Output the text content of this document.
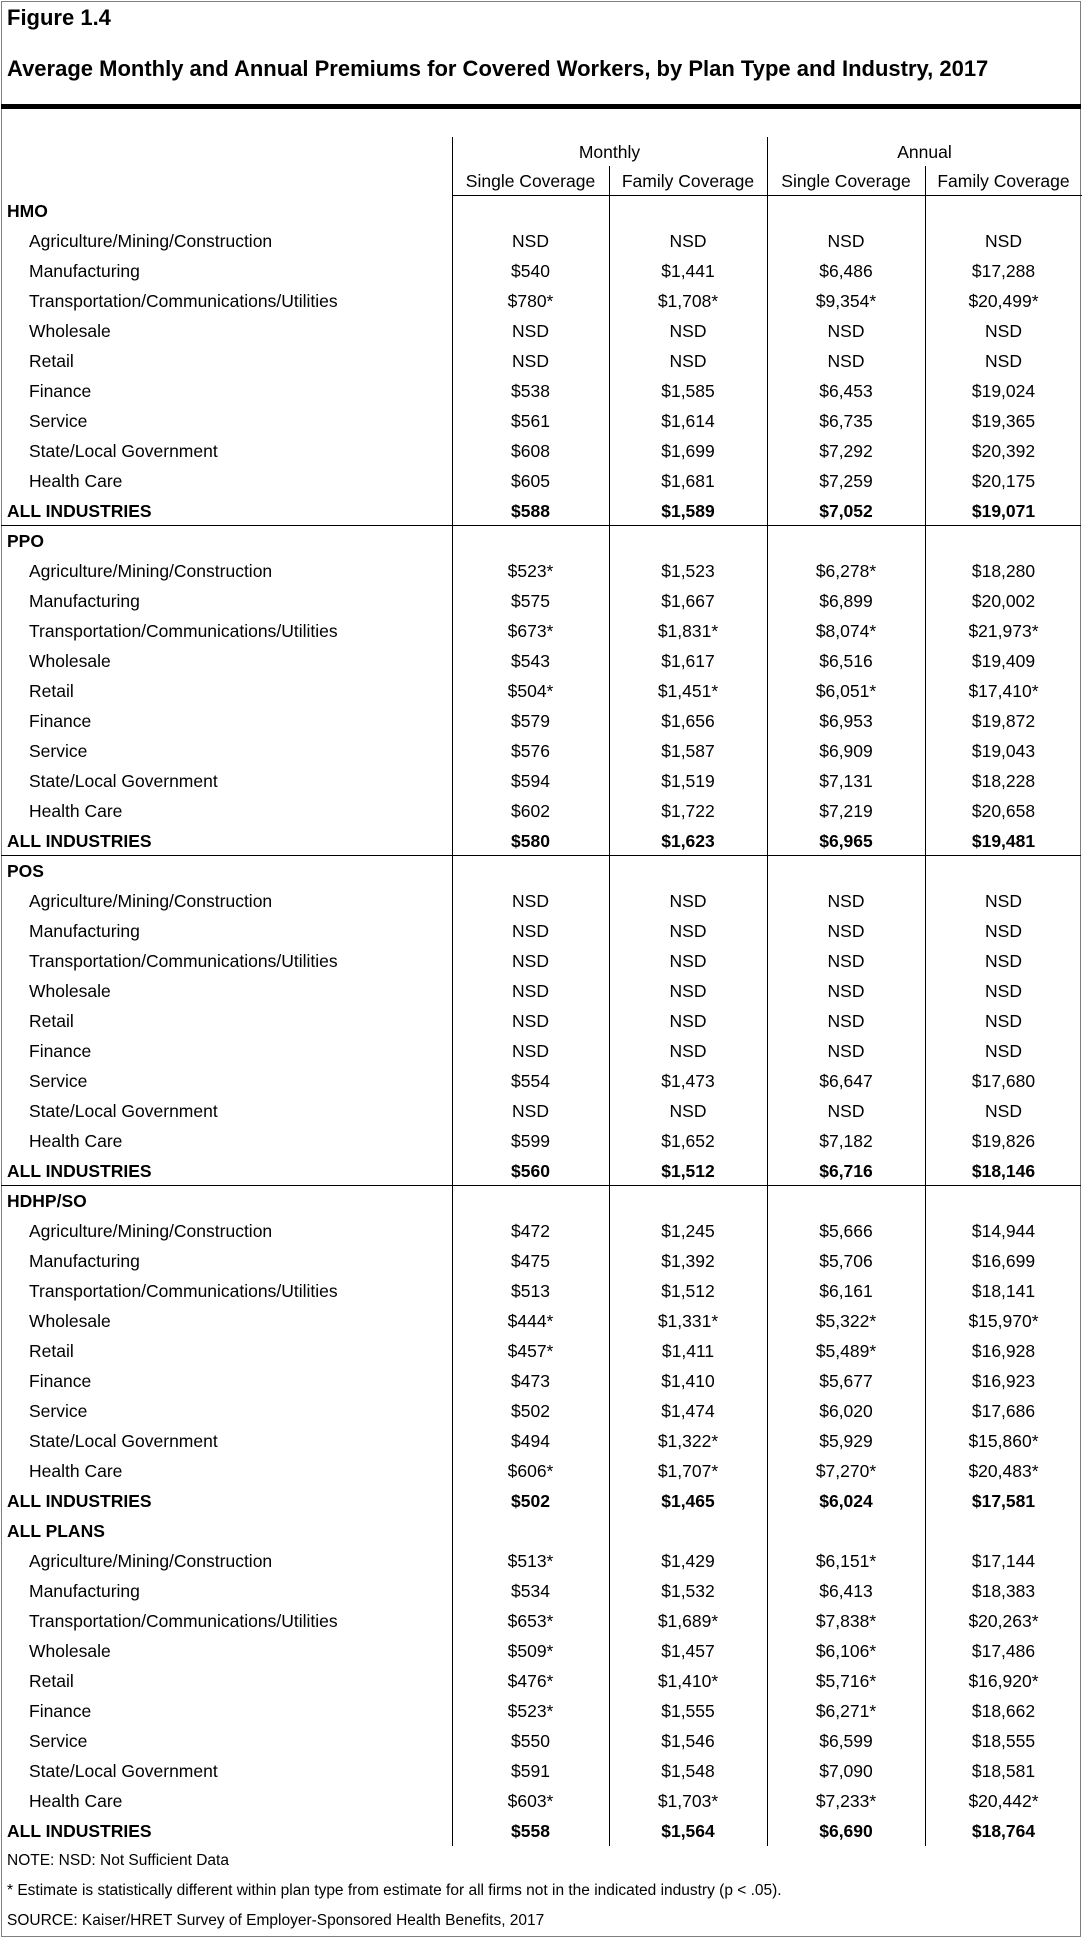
Figure 1.4
Average Monthly and Annual Premiums for Covered Workers, by Plan Type and Industry, 2017
Monthly	Annual
Single Coverage	Family Coverage	Single Coverage	Family Coverage
HMO
Agriculture/Mining/Construction	NSD	NSD	NSD	NSD
Manufacturing	$540	$1,441	$6,486	$17,288
Transportation/Communications/Utilities	$780*	$1,708*	$9,354*	$20,499*
Wholesale	NSD	NSD	NSD	NSD
Retail	NSD	NSD	NSD	NSD
Finance	$538	$1,585	$6,453	$19,024
Service	$561	$1,614	$6,735	$19,365
State/Local Government	$608	$1,699	$7,292	$20,392
Health Care	$605	$1,681	$7,259	$20,175
ALL INDUSTRIES	$588	$1,589	$7,052	$19,071
PPO
Agriculture/Mining/Construction	$523*	$1,523	$6,278*	$18,280
Manufacturing	$575	$1,667	$6,899	$20,002
Transportation/Communications/Utilities	$673*	$1,831*	$8,074*	$21,973*
Wholesale	$543	$1,617	$6,516	$19,409
Retail	$504*	$1,451*	$6,051*	$17,410*
Finance	$579	$1,656	$6,953	$19,872
Service	$576	$1,587	$6,909	$19,043
State/Local Government	$594	$1,519	$7,131	$18,228
Health Care	$602	$1,722	$7,219	$20,658
ALL INDUSTRIES	$580	$1,623	$6,965	$19,481
POS
Agriculture/Mining/Construction	NSD	NSD	NSD	NSD
Manufacturing	NSD	NSD	NSD	NSD
Transportation/Communications/Utilities	NSD	NSD	NSD	NSD
Wholesale	NSD	NSD	NSD	NSD
Retail	NSD	NSD	NSD	NSD
Finance	NSD	NSD	NSD	NSD
Service	$554	$1,473	$6,647	$17,680
State/Local Government	NSD	NSD	NSD	NSD
Health Care	$599	$1,652	$7,182	$19,826
ALL INDUSTRIES	$560	$1,512	$6,716	$18,146
HDHP/SO
Agriculture/Mining/Construction	$472	$1,245	$5,666	$14,944
Manufacturing	$475	$1,392	$5,706	$16,699
Transportation/Communications/Utilities	$513	$1,512	$6,161	$18,141
Wholesale	$444*	$1,331*	$5,322*	$15,970*
Retail	$457*	$1,411	$5,489*	$16,928
Finance	$473	$1,410	$5,677	$16,923
Service	$502	$1,474	$6,020	$17,686
State/Local Government	$494	$1,322*	$5,929	$15,860*
Health Care	$606*	$1,707*	$7,270*	$20,483*
ALL INDUSTRIES	$502	$1,465	$6,024	$17,581
ALL PLANS
Agriculture/Mining/Construction	$513*	$1,429	$6,151*	$17,144
Manufacturing	$534	$1,532	$6,413	$18,383
Transportation/Communications/Utilities	$653*	$1,689*	$7,838*	$20,263*
Wholesale	$509*	$1,457	$6,106*	$17,486
Retail	$476*	$1,410*	$5,716*	$16,920*
Finance	$523*	$1,555	$6,271*	$18,662
Service	$550	$1,546	$6,599	$18,555
State/Local Government	$591	$1,548	$7,090	$18,581
Health Care	$603*	$1,703*	$7,233*	$20,442*
ALL INDUSTRIES	$558	$1,564	$6,690	$18,764
NOTE: NSD: Not Sufficient Data
* Estimate is statistically different within plan type from estimate for all firms not in the indicated industry (p < .05).
SOURCE: Kaiser/HRET Survey of Employer-Sponsored Health Benefits, 2017
